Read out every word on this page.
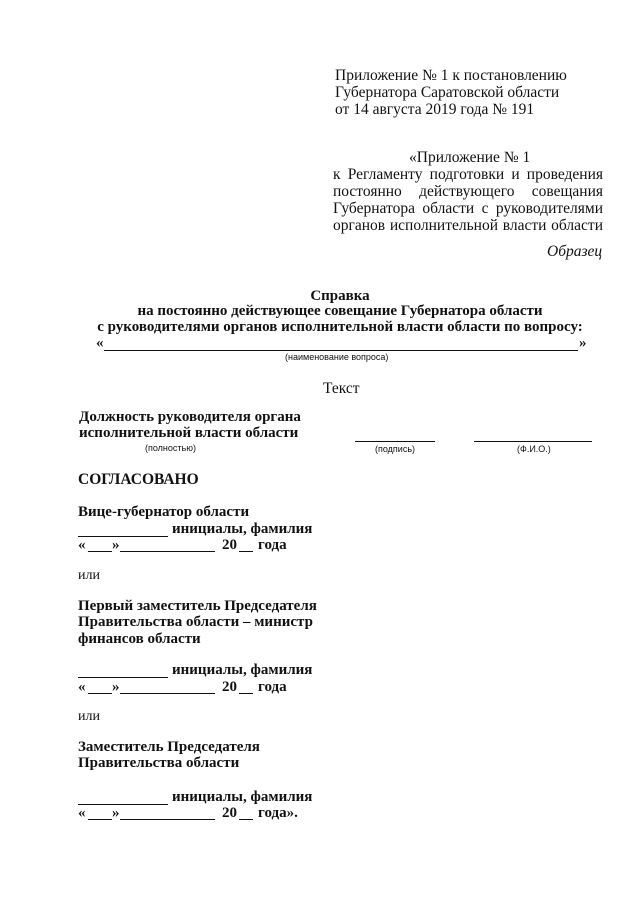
Приложение № 1 к постановлению
Губернатора Саратовской области
от 14 августа 2019 года № 191
«Приложение № 1
к Регламенту подготовки и проведения
постоянно действующего совещания
Губернатора области с руководителями
органов исполнительной власти области
Образец
Справка
на постоянно действующее совещание Губернатора области
с руководителями органов исполнительной власти области по вопросу:
«	»
(наименование вопроса)
Текст
Должность руководителя органа
исполнительной власти области
(полностью)	(подпись)	(Ф.И.О.)
СОГЛАСОВАНО
Вице-губернатор области
инициалы, фамилия
« »	20 года
или
Первый заместитель Председателя
Правительства области – министр
финансов области
инициалы, фамилия
« »	20 года
или
Заместитель Председателя
Правительства области
инициалы, фамилия
« »	20 года».
